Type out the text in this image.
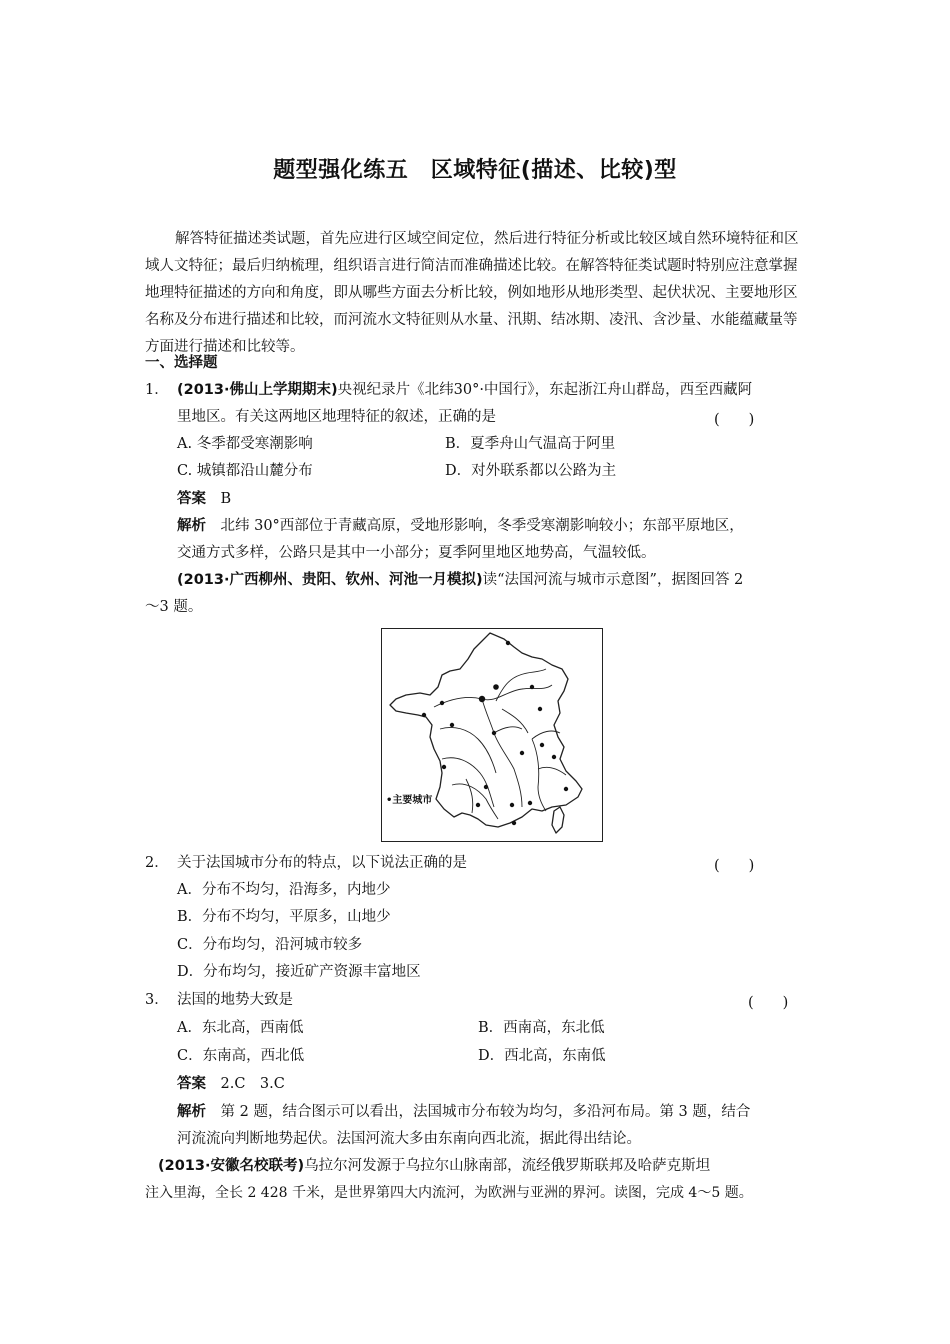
题型强化练五　区域特征(描述、比较)型
解答特征描述类试题，首先应进行区域空间定位，然后进行特征分析或比较区域自然环境特征和区域人文特征；最后归纳梳理，组织语言进行简洁而准确描述比较。在解答特征类试题时特别应注意掌握地理特征描述的方向和角度，即从哪些方面去分析比较，例如地形从地形类型、起伏状况、主要地形区名称及分布进行描述和比较，而河流水文特征则从水量、汛期、结冰期、凌汛、含沙量、水能蕴藏量等方面进行描述和比较等。
一、选择题
1． (2013·佛山上学期期末)央视纪录片《北纬30°·中国行》，东起浙江舟山群岛，西至西藏阿
里地区。有关这两地区地理特征的叙述，正确的是	(　　)
A. 冬季都受寒潮影响	B．夏季舟山气温高于阿里
C. 城镇都沿山麓分布	D．对外联系都以公路为主
答案　 B
解析　 北纬 30°西部位于青藏高原，受地形影响，冬季受寒潮影响较小；东部平原地区，
交通方式多样，公路只是其中一小部分；夏季阿里地区地势高，气温较低。
(2013·广西柳州、贵阳、钦州、河池一月模拟)读“法国河流与城市示意图”，据图回答 2
～3 题。
•主要城市
2． 关于法国城市分布的特点，以下说法正确的是	(　　)
A．分布不均匀，沿海多，内地少
B．分布不均匀，平原多，山地少
C．分布均匀，沿河城市较多
D．分布均匀，接近矿产资源丰富地区
3． 法国的地势大致是	(　　)
A．东北高，西南低	B．西南高，东北低
C．东南高，西北低	D．西北高，东南低
答案　 2.C　3.C
解析　 第 2 题，结合图示可以看出，法国城市分布较为均匀，多沿河布局。第 3 题，结合
河流流向判断地势起伏。法国河流大多由东南向西北流，据此得出结论。
(2013·安徽名校联考)乌拉尔河发源于乌拉尔山脉南部，流经俄罗斯联邦及哈萨克斯坦
注入里海，全长 2 428 千米，是世界第四大内流河，为欧洲与亚洲的界河。读图，完成 4～5 题。
